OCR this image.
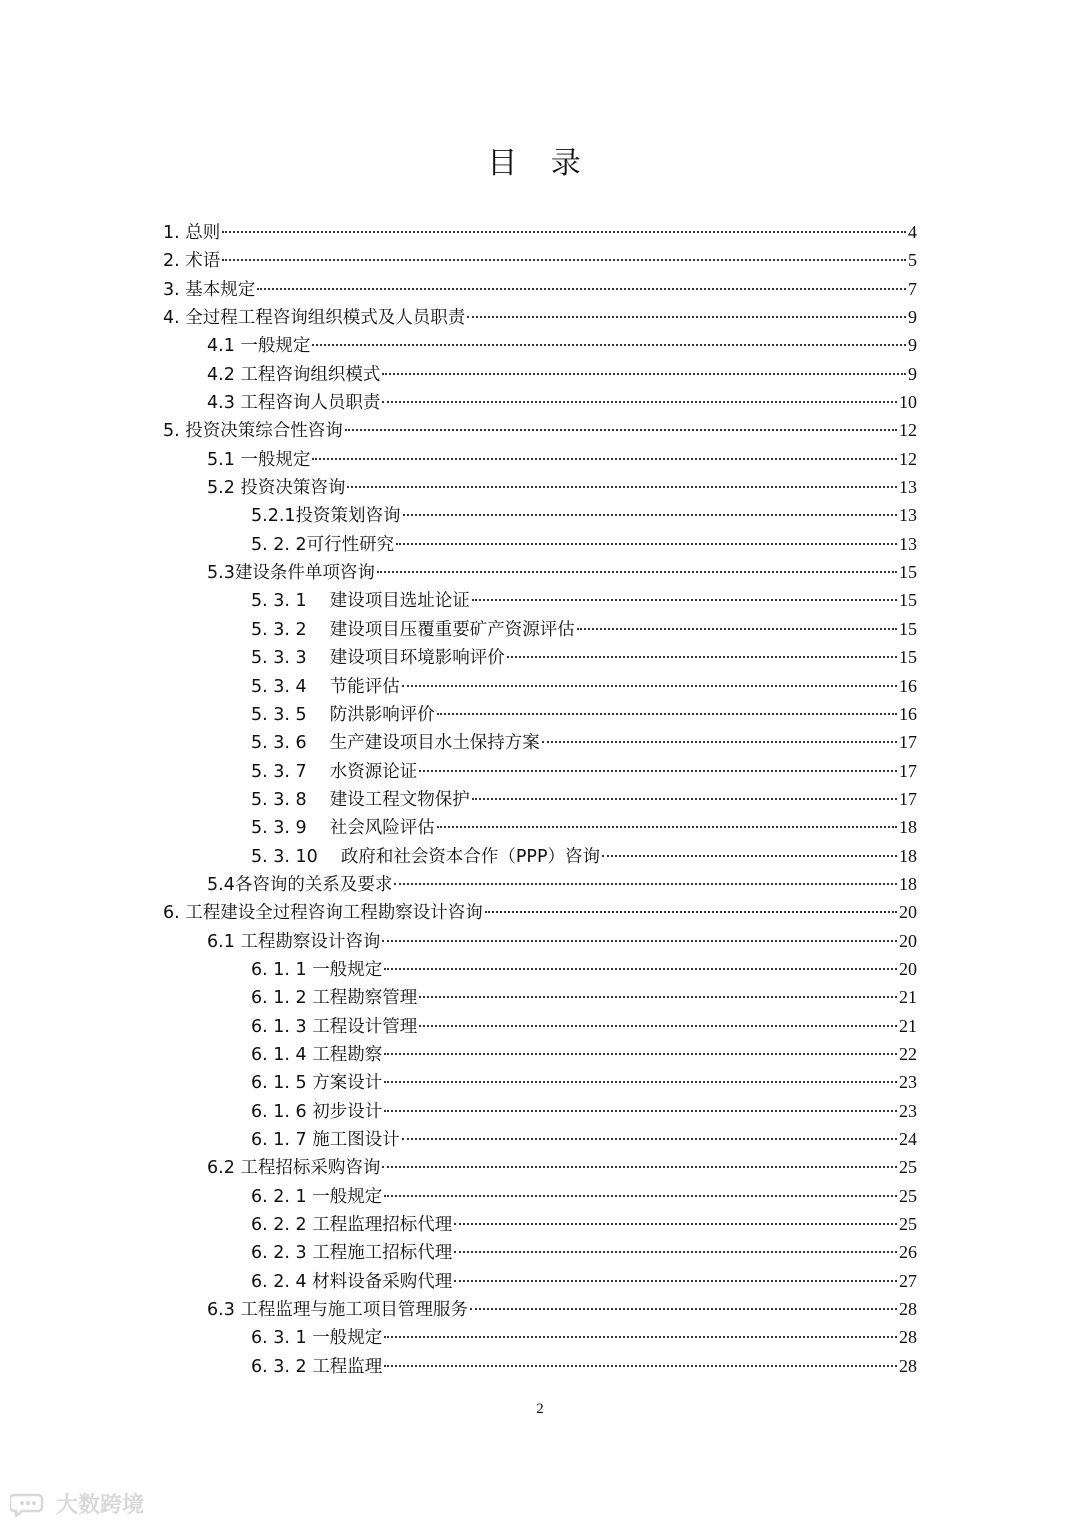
目 录
1. 总则	4
2. 术语	5
3. 基本规定	7
4. 全过程工程咨询组织模式及人员职责	9
4.1 一般规定	9
4.2 工程咨询组织模式	9
4.3 工程咨询人员职责	10
5. 投资决策综合性咨询	12
5.1 一般规定	12
5.2 投资决策咨询	13
5.2.1投资策划咨询	13
5. 2. 2可行性研究	13
5.3建设条件单项咨询	15
5. 3. 1　 建设项目选址论证	15
5. 3. 2　 建设项目压覆重要矿产资源评估	15
5. 3. 3　 建设项目环境影响评价	15
5. 3. 4　 节能评估	16
5. 3. 5　 防洪影响评价	16
5. 3. 6　 生产建设项目水土保持方案	17
5. 3. 7　 水资源论证	17
5. 3. 8　 建设工程文物保护	17
5. 3. 9　 社会风险评估	18
5. 3. 10　 政府和社会资本合作（PPP）咨询	18
5.4各咨询的关系及要求	18
6. 工程建设全过程咨询工程勘察设计咨询	20
6.1 工程勘察设计咨询	20
6. 1. 1 一般规定	20
6. 1. 2 工程勘察管理	21
6. 1. 3 工程设计管理	21
6. 1. 4 工程勘察	22
6. 1. 5 方案设计	23
6. 1. 6 初步设计	23
6. 1. 7 施工图设计	24
6.2 工程招标采购咨询	25
6. 2. 1 一般规定	25
6. 2. 2 工程监理招标代理	25
6. 2. 3 工程施工招标代理	26
6. 2. 4 材料设备采购代理	27
6.3 工程监理与施工项目管理服务	28
6. 3. 1 一般规定	28
6. 3. 2 工程监理	28
2
大数跨境
